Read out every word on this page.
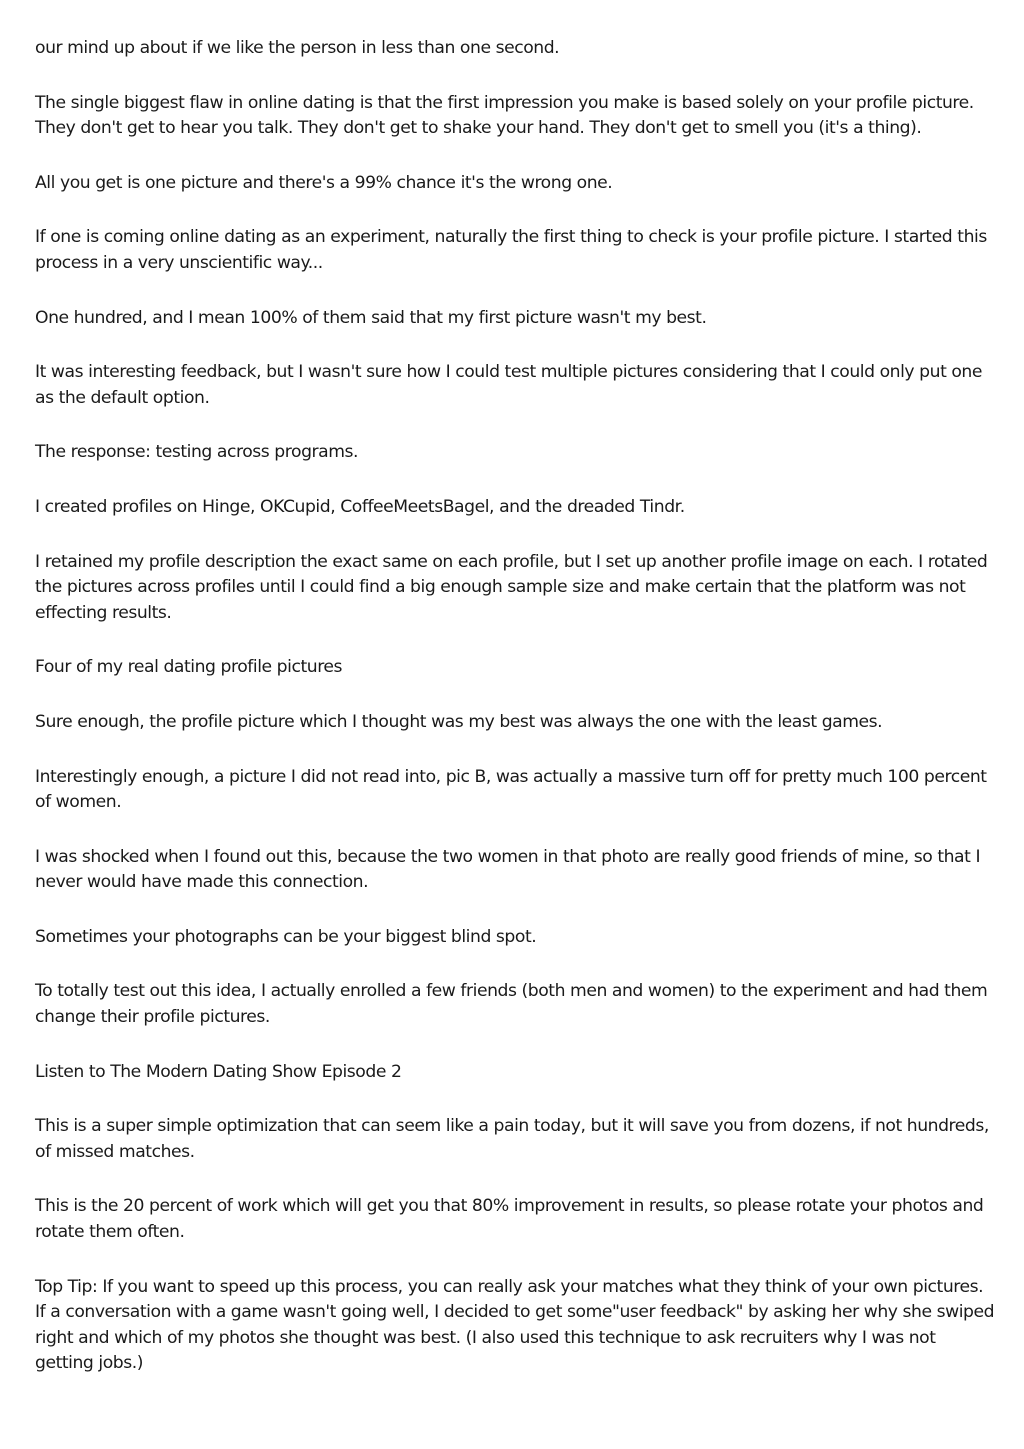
our mind up about if we like the person in less than one second.

The single biggest flaw in online dating is that the first impression you make is based solely on your profile picture. They don't get to hear you talk. They don't get to shake your hand. They don't get to smell you (it's a thing).

All you get is one picture and there's a 99% chance it's the wrong one.

If one is coming online dating as an experiment, naturally the first thing to check is your profile picture. I started this process in a very unscientific way...

One hundred, and I mean 100% of them said that my first picture wasn't my best.

It was interesting feedback, but I wasn't sure how I could test multiple pictures considering that I could only put one as the default option.

The response: testing across programs.

I created profiles on Hinge, OKCupid, CoffeeMeetsBagel, and the dreaded Tindr.

I retained my profile description the exact same on each profile, but I set up another profile image on each. I rotated the pictures across profiles until I could find a big enough sample size and make certain that the platform was not effecting results.

Four of my real dating profile pictures

Sure enough, the profile picture which I thought was my best was always the one with the least games.

Interestingly enough, a picture I did not read into, pic B, was actually a massive turn off for pretty much 100 percent of women.

I was shocked when I found out this, because the two women in that photo are really good friends of mine, so that I never would have made this connection.

Sometimes your photographs can be your biggest blind spot.

To totally test out this idea, I actually enrolled a few friends (both men and women) to the experiment and had them change their profile pictures.

Listen to The Modern Dating Show Episode 2

This is a super simple optimization that can seem like a pain today, but it will save you from dozens, if not hundreds, of missed matches.

This is the 20 percent of work which will get you that 80% improvement in results, so please rotate your photos and rotate them often.

Top Tip: If you want to speed up this process, you can really ask your matches what they think of your own pictures. If a conversation with a game wasn't going well, I decided to get some"user feedback" by asking her why she swiped right and which of my photos she thought was best. (I also used this technique to ask recruiters why I was not getting jobs.)
